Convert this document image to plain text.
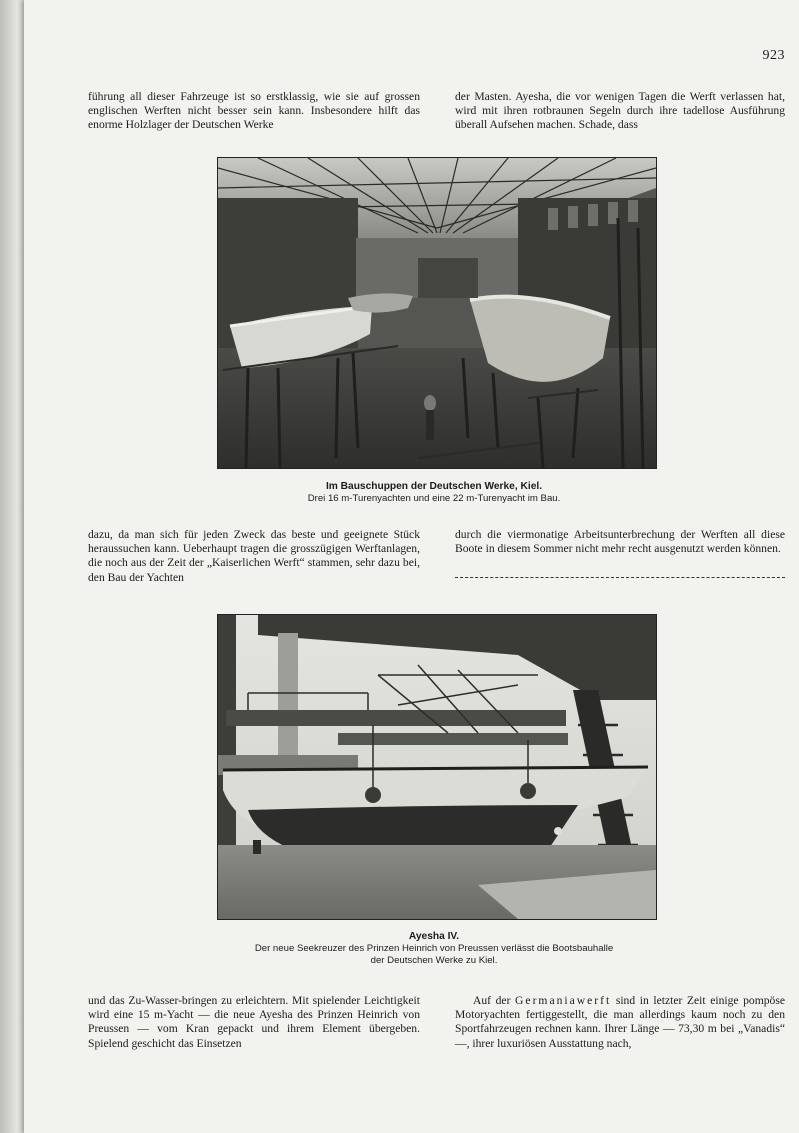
923

führung all dieser Fahrzeuge ist so erstklassig, wie sie auf grossen englischen Werften nicht besser sein kann. Insbesondere hilft das enorme Holzlager der Deutschen Werke

der Masten. Ayesha, die vor wenigen Tagen die Werft verlassen hat, wird mit ihren rotbraunen Segeln durch ihre tadellose Ausführung überall Aufsehen machen. Schade, dass

Im Bauschuppen der Deutschen Werke, Kiel.
Drei 16 m-Turenyachten und eine 22 m-Turenyacht im Bau.

dazu, da man sich für jeden Zweck das beste und geeignete Stück heraussuchen kann. Ueberhaupt tragen die grosszügigen Werftanlagen, die noch aus der Zeit der „Kaiserlichen Werft“ stammen, sehr dazu bei, den Bau der Yachten

durch die viermonatige Arbeitsunterbrechung der Werften all diese Boote in diesem Sommer nicht mehr recht ausgenutzt werden können.

Ayesha IV.
Der neue Seekreuzer des Prinzen Heinrich von Preussen verlässt die Bootsbauhalle
der Deutschen Werke zu Kiel.

und das Zu-Wasser-bringen zu erleichtern. Mit spielender Leichtigkeit wird eine 15 m-Yacht — die neue Ayesha des Prinzen Heinrich von Preussen — vom Kran gepackt und ihrem Element übergeben. Spielend geschicht das Einsetzen

Auf der Germaniawerft sind in letzter Zeit einige pompöse Motoryachten fertiggestellt, die man allerdings kaum noch zu den Sportfahrzeugen rechnen kann. Ihrer Länge — 73,30 m bei „Vanadis“ —, ihrer luxuriösen Ausstattung nach,
